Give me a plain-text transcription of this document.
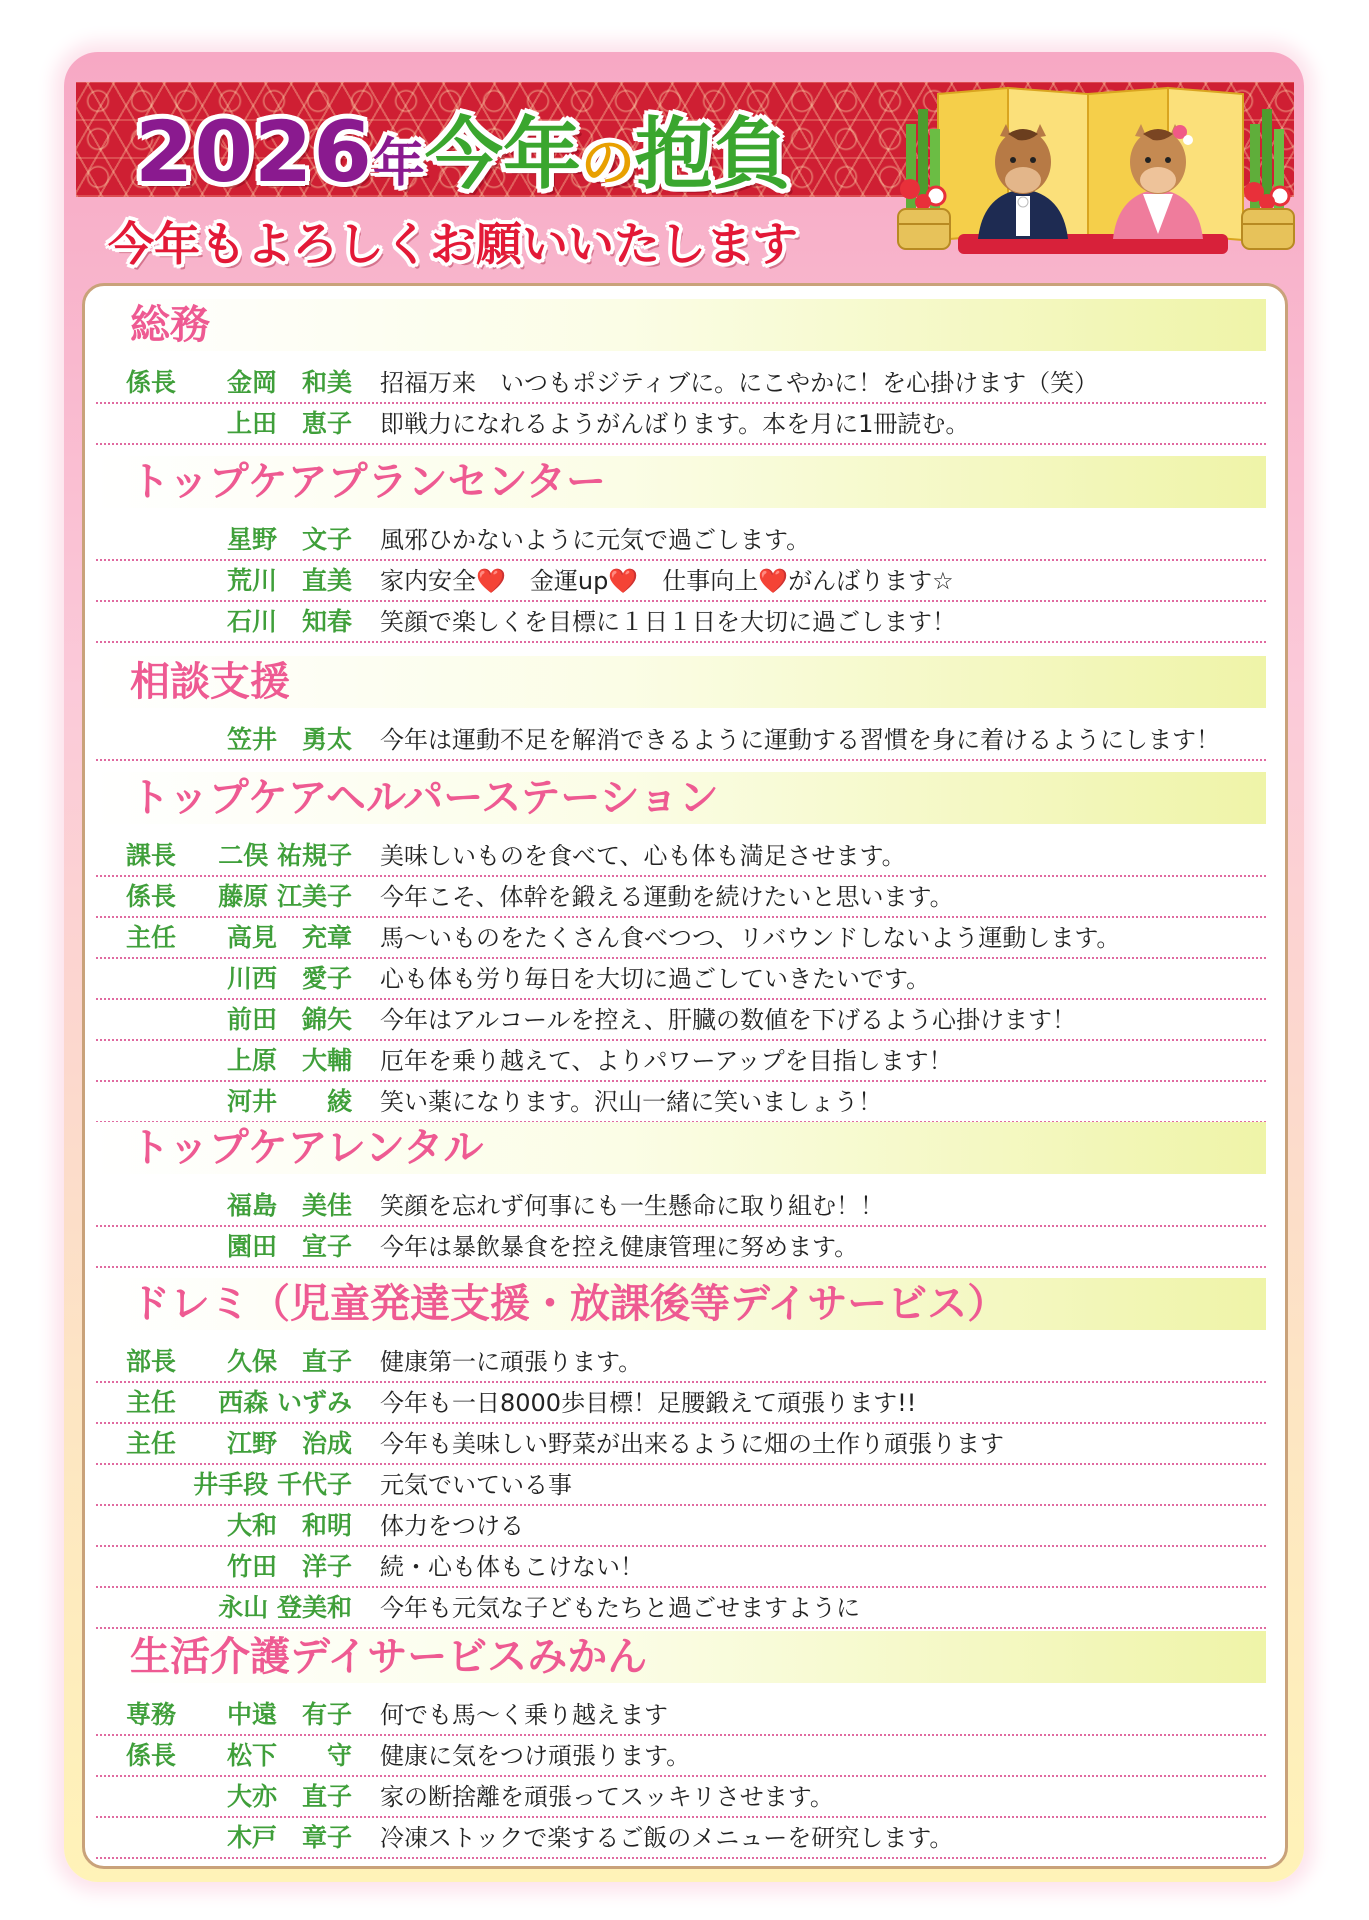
2026年今年の抱負
今年もよろしくお願いいたします
総務
係長	金岡　和美 招福万来　いつもポジティブに。にこやかに！を心掛けます（笑）
上田　恵子 即戦力になれるようがんばります。本を月に1冊読む。
トップケアプランセンター
星野　文子 風邪ひかないように元気で過ごします。
荒川　直美 家内安全❤️　金運up❤️　仕事向上❤️がんばります☆
石川　知春 笑顔で楽しくを目標に１日１日を大切に過ごします！
相談支援
笠井　勇太 今年は運動不足を解消できるように運動する習慣を身に着けるようにします！
トップケアヘルパーステーション
課長	二俣 祐規子 美味しいものを食べて、心も体も満足させます。
係長	藤原 江美子 今年こそ、体幹を鍛える運動を続けたいと思います。
主任	高見　充章 馬～いものをたくさん食べつつ、リバウンドしないよう運動します。
川西　愛子 心も体も労り毎日を大切に過ごしていきたいです。
前田　錦矢 今年はアルコールを控え、肝臓の数値を下げるよう心掛けます！
上原　大輔 厄年を乗り越えて、よりパワーアップを目指します！
河井　　綾 笑い薬になります。沢山一緒に笑いましょう！
トップケアレンタル
福島　美佳 笑顔を忘れず何事にも一生懸命に取り組む！！
園田　宣子 今年は暴飲暴食を控え健康管理に努めます。
ドレミ（児童発達支援・放課後等デイサービス）
部長	久保　直子 健康第一に頑張ります。
主任	西森 いずみ 今年も一日8000歩目標！足腰鍛えて頑張ります!!
主任	江野　治成 今年も美味しい野菜が出来るように畑の土作り頑張ります
井手段 千代子 元気でいている事
大和　和明 体力をつける
竹田　洋子 続・心も体もこけない！
永山 登美和 今年も元気な子どもたちと過ごせますように
生活介護デイサービスみかん
専務	中遠　有子 何でも馬～く乗り越えます
係長	松下　　守 健康に気をつけ頑張ります。
大亦　直子 家の断捨離を頑張ってスッキリさせます。
木戸　章子 冷凍ストックで楽するご飯のメニューを研究します。
